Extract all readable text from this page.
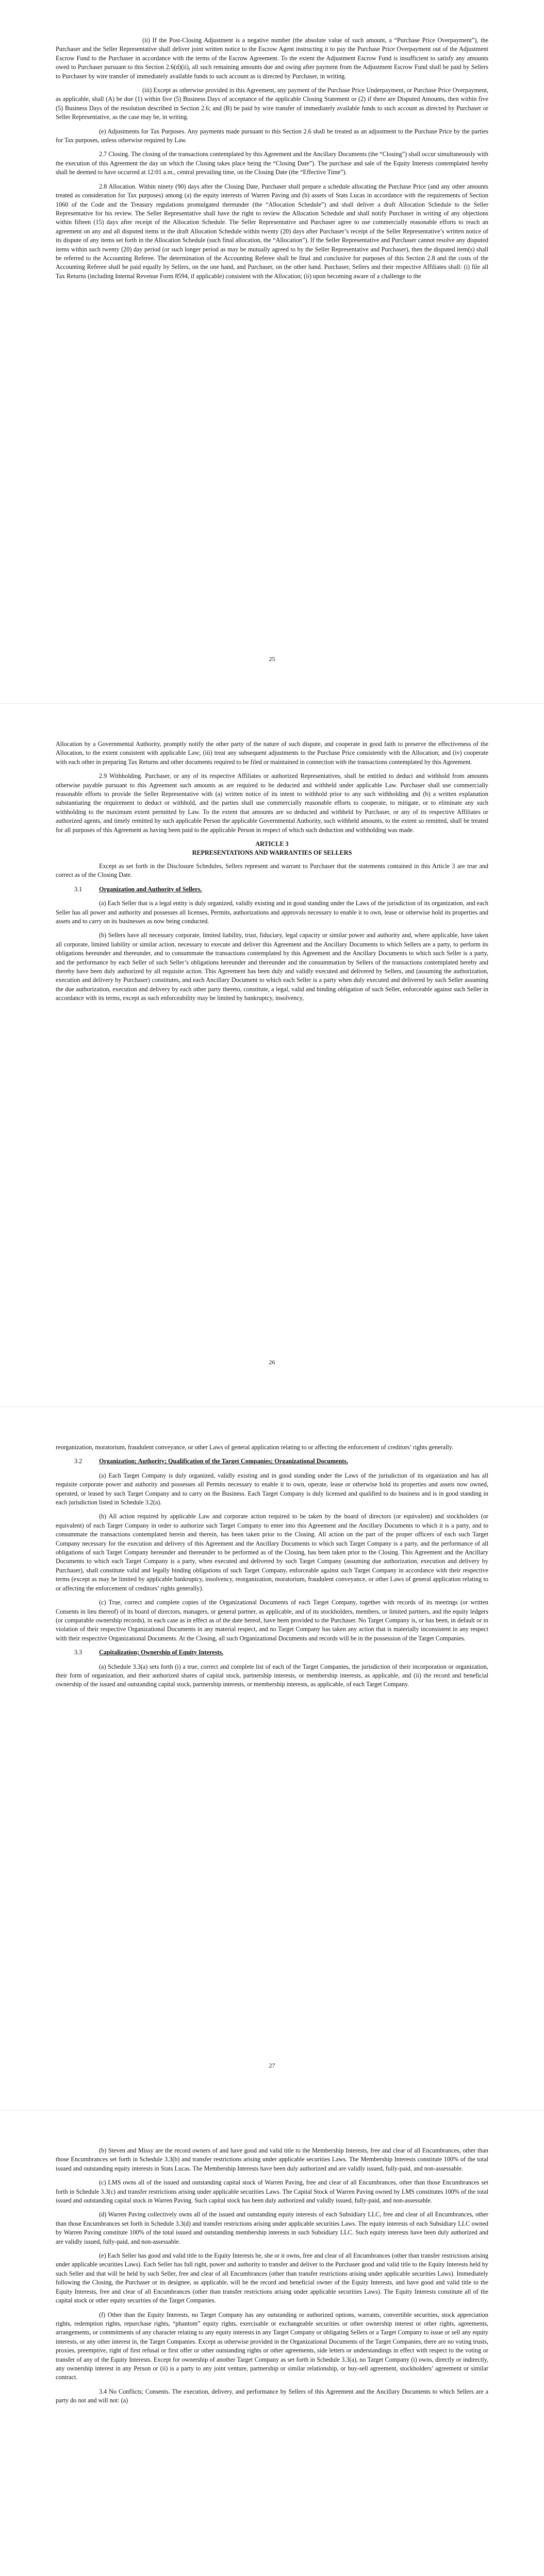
(ii) If the Post-Closing Adjustment is a negative number (the absolute value of such amount, a “Purchase Price Overpayment”), the Purchaser and the Seller Representative shall deliver joint written notice to the Escrow Agent instructing it to pay the Purchase Price Overpayment out of the Adjustment Escrow Fund to the Purchaser in accordance with the terms of the Escrow Agreement. To the extent the Adjustment Escrow Fund is insufficient to satisfy any amounts owed to Purchaser pursuant to this Section 2.6(d)(ii), all such remaining amounts due and owing after payment from the Adjustment Escrow Fund shall be paid by Sellers to Purchaser by wire transfer of immediately available funds to such account as is directed by Purchaser, in writing.

(iii) Except as otherwise provided in this Agreement, any payment of the Purchase Price Underpayment, or Purchase Price Overpayment, as applicable, shall (A) be due (1) within five (5) Business Days of acceptance of the applicable Closing Statement or (2) if there are Disputed Amounts, then within five (5) Business Days of the resolution described in Section 2.6; and (B) be paid by wire transfer of immediately available funds to such account as directed by Purchaser or Seller Representative, as the case may be, in writing.

(e) Adjustments for Tax Purposes. Any payments made pursuant to this Section 2.6 shall be treated as an adjustment to the Purchase Price by the parties for Tax purposes, unless otherwise required by Law.

2.7 Closing. The closing of the transactions contemplated by this Agreement and the Ancillary Documents (the “Closing”) shall occur simultaneously with the execution of this Agreement the day on which the Closing takes place being the “Closing Date”). The purchase and sale of the Equity Interests contemplated hereby shall be deemed to have occurred at 12:01 a.m., central prevailing time, on the Closing Date (the “Effective Time”).

2.8 Allocation. Within ninety (90) days after the Closing Date, Purchaser shall prepare a schedule allocating the Purchase Price (and any other amounts treated as consideration for Tax purposes) among (a) the equity interests of Warren Paving and (b) assets of Stats Lucas in accordance with the requirements of Section 1060 of the Code and the Treasury regulations promulgated thereunder (the “Allocation Schedule”) and shall deliver a draft Allocation Schedule to the Seller Representative for his review. The Seller Representative shall have the right to review the Allocation Schedule and shall notify Purchaser in writing of any objections within fifteen (15) days after receipt of the Allocation Schedule. The Seller Representative and Purchaser agree to use commercially reasonable efforts to reach an agreement on any and all disputed items in the draft Allocation Schedule within twenty (20) days after Purchaser’s receipt of the Seller Representative’s written notice of its dispute of any items set forth in the Allocation Schedule (such final allocation, the “Allocation”). If the Seller Representative and Purchaser cannot resolve any disputed items within such twenty (20) day period (or such longer period as may be mutually agreed to by the Seller Representative and Purchaser), then the disputed item(s) shall be referred to the Accounting Referee. The determination of the Accounting Referee shall be final and conclusive for purposes of this Section 2.8 and the costs of the Accounting Referee shall be paid equally by Sellers, on the one hand, and Purchaser, on the other hand. Purchaser, Sellers and their respective Affiliates shall: (i) file all Tax Returns (including Internal Revenue Form 8594, if applicable) consistent with the Allocation; (ii) upon becoming aware of a challenge to the

25

Allocation by a Governmental Authority, promptly notify the other party of the nature of such dispute, and cooperate in good faith to preserve the effectiveness of the Allocation, to the extent consistent with applicable Law; (iii) treat any subsequent adjustments to the Purchase Price consistently with the Allocation; and (iv) cooperate with each other in preparing Tax Returns and other documents required to be filed or maintained in connection with the transactions contemplated by this Agreement.

2.9 Withholding. Purchaser, or any of its respective Affiliates or authorized Representatives, shall be entitled to deduct and withhold from amounts otherwise payable pursuant to this Agreement such amounts as are required to be deducted and withheld under applicable Law. Purchaser shall use commercially reasonable efforts to provide the Seller Representative with (a) written notice of its intent to withhold prior to any such withholding and (b) a written explanation substantiating the requirement to deduct or withhold, and the parties shall use commercially reasonable efforts to cooperate, to mitigate, or to eliminate any such withholding to the maximum extent permitted by Law. To the extent that amounts are so deducted and withheld by Purchaser, or any of its respective Affiliates or authorized agents, and timely remitted by such applicable Person the applicable Governmental Authority, such withheld amounts, to the extent so remitted, shall be treated for all purposes of this Agreement as having been paid to the applicable Person in respect of which such deduction and withholding was made.

ARTICLE 3
REPRESENTATIONS AND WARRANTIES OF SELLERS

Except as set forth in the Disclosure Schedules, Sellers represent and warrant to Purchaser that the statements contained in this Article 3 are true and correct as of the Closing Date.

3.1	Organization and Authority of Sellers.

(a) Each Seller that is a legal entity is duly organized, validly existing and in good standing under the Laws of the jurisdiction of its organization, and each Seller has all power and authority and possesses all licenses, Permits, authorizations and approvals necessary to enable it to own, lease or otherwise hold its properties and assets and to carry on its businesses as now being conducted.

(b) Sellers have all necessary corporate, limited liability, trust, fiduciary, legal capacity or similar power and authority and, where applicable, have taken all corporate, limited liability or similar action, necessary to execute and deliver this Agreement and the Ancillary Documents to which Sellers are a party, to perform its obligations hereunder and thereunder, and to consummate the transactions contemplated by this Agreement and the Ancillary Documents to which such Seller is a party, and the performance by each Seller of such Seller’s obligations hereunder and thereunder and the consummation by Sellers of the transactions contemplated hereby and thereby have been duly authorized by all requisite action. This Agreement has been duly and validly executed and delivered by Sellers, and (assuming the authorization, execution and delivery by Purchaser) constitutes, and each Ancillary Document to which each Seller is a party when duly executed and delivered by such Seller assuming the due authorization, execution and delivery by each other party thereto, constitute, a legal, valid and binding obligation of such Seller, enforceable against such Seller in accordance with its terms, except as such enforceability may be limited by bankruptcy, insolvency,

26

reorganization, moratorium, fraudulent conveyance, or other Laws of general application relating to or affecting the enforcement of creditors’ rights generally.

3.2	Organization; Authority; Qualification of the Target Companies; Organizational Documents.

(a) Each Target Company is duly organized, validly existing and in good standing under the Laws of the jurisdiction of its organization and has all requisite corporate power and authority and possesses all Permits necessary to enable it to own, operate, lease or otherwise hold its properties and assets now owned, operated, or leased by such Target Company and to carry on the Business. Each Target Company is duly licensed and qualified to do business and is in good standing in each jurisdiction listed in Schedule 3.2(a).

(b) All action required by applicable Law and corporate action required to be taken by the board of directors (or equivalent) and stockholders (or equivalent) of each Target Company in order to authorize such Target Company to enter into this Agreement and the Ancillary Documents to which it is a party, and to consummate the transactions contemplated herein and therein, has been taken prior to the Closing. All action on the part of the proper officers of each such Target Company necessary for the execution and delivery of this Agreement and the Ancillary Documents to which such Target Company is a party, and the performance of all obligations of such Target Company hereunder and thereunder to be performed as of the Closing, has been taken prior to the Closing. This Agreement and the Ancillary Documents to which each Target Company is a party, when executed and delivered by such Target Company (assuming due authorization, execution and delivery by Purchaser), shall constitute valid and legally binding obligations of such Target Company, enforceable against such Target Company in accordance with their respective terms (except as may be limited by applicable bankruptcy, insolvency, reorganization, moratorium, fraudulent conveyance, or other Laws of general application relating to or affecting the enforcement of creditors’ rights generally).

(c) True, correct and complete copies of the Organizational Documents of each Target Company, together with records of its meetings (or written Consents in lieu thereof) of its board of directors, managers, or general partner, as applicable, and of its stockholders, members, or limited partners, and the equity ledgers (or comparable ownership records), in each case as in effect as of the date hereof, have been provided to the Purchaser. No Target Company is, or has been, in default or in violation of their respective Organizational Documents in any material respect, and no Target Company has taken any action that is materially inconsistent in any respect with their respective Organizational Documents. At the Closing, all such Organizational Documents and records will be in the possession of the Target Companies.

3.3	Capitalization; Ownership of Equity Interests.

(a) Schedule 3.3(a) sets forth (i) a true, correct and complete list of each of the Target Companies, the jurisdiction of their incorporation or organization, their form of organization, and their authorized shares of capital stock, partnership interests, or membership interests, as applicable, and (ii) the record and beneficial ownership of the issued and outstanding capital stock, partnership interests, or membership interests, as applicable, of each Target Company.

27

(b) Steven and Missy are the record owners of and have good and valid title to the Membership Interests, free and clear of all Encumbrances, other than those Encumbrances set forth in Schedule 3.3(b) and transfer restrictions arising under applicable securities Laws. The Membership Interests constitute 100% of the total issued and outstanding equity interests in Stats Lucas. The Membership Interests have been duly authorized and are validly issued, fully-paid, and non-assessable.

(c) LMS owns all of the issued and outstanding capital stock of Warren Paving, free and clear of all Encumbrances, other than those Encumbrances set forth in Schedule 3.3(c) and transfer restrictions arising under applicable securities Laws. The Capital Stock of Warren Paving owned by LMS constitutes 100% of the total issued and outstanding capital stock in Warren Paving. Such capital stock has been duly authorized and validly issued, fully-paid, and non-assessable.

(d) Warren Paving collectively owns all of the issued and outstanding equity interests of each Subsidiary LLC, free and clear of all Encumbrances, other than those Encumbrances set forth in Schedule 3.3(d) and transfer restrictions arising under applicable securities Laws. The equity interests of each Subsidiary LLC owned by Warren Paving constitute 100% of the total issued and outstanding membership interests in such Subsidiary LLC. Such equity interests have been duly authorized and are validly issued, fully-paid, and non-assessable.

(e) Each Seller has good and valid title to the Equity Interests he, she or it owns, free and clear of all Encumbrances (other than transfer restrictions arising under applicable securities Laws). Each Seller has full right, power and authority to transfer and deliver to the Purchaser good and valid title to the Equity Interests held by such Seller and that will be held by such Seller, free and clear of all Encumbrances (other than transfer restrictions arising under applicable securities Laws). Immediately following the Closing, the Purchaser or its designee, as applicable, will be the record and beneficial owner of the Equity Interests, and have good and valid title to the Equity Interests, free and clear of all Encumbrances (other than transfer restrictions arising under applicable securities Laws). The Equity Interests constitute all of the capital stock or other equity securities of the Target Companies.

(f) Other than the Equity Interests, no Target Company has any outstanding or authorized options, warrants, convertible securities, stock appreciation rights, redemption rights, repurchase rights, “phantom” equity rights, exercisable or exchangeable securities or other ownership interest or other rights, agreements, arrangements, or commitments of any character relating to any equity interests in any Target Company or obligating Sellers or a Target Company to issue or sell any equity interests, or any other interest in, the Target Companies. Except as otherwise provided in the Organizational Documents of the Target Companies, there are no voting trusts, proxies, preemptive, right of first refusal or first offer or other outstanding rights or other agreements, side letters or understandings in effect with respect to the voting or transfer of any of the Equity Interests. Except for ownership of another Target Company as set forth in Schedule 3.3(a), no Target Company (i) owns, directly or indirectly, any ownership interest in any Person or (ii) is a party to any joint venture, partnership or similar relationship, or buy-sell agreement, stockholders’ agreement or similar contract.

3.4 No Conflicts; Consents. The execution, delivery, and performance by Sellers of this Agreement and the Ancillary Documents to which Sellers are a party do not and will not: (a)
